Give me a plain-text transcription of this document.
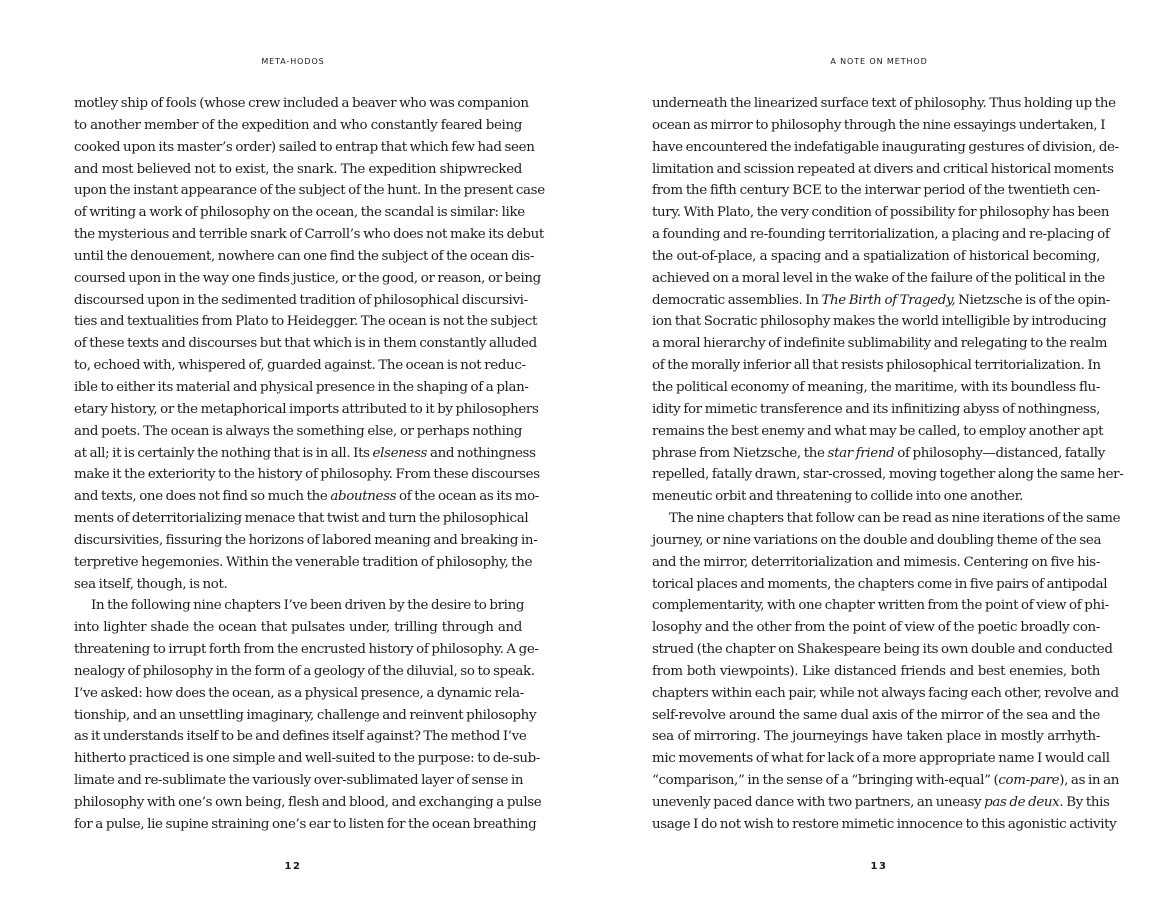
META-HODOS
motley ship of fools (whose crew included a beaver who was companion
to another member of the expedition and who constantly feared being
cooked upon its master’s order) sailed to entrap that which few had seen
and most believed not to exist, the snark. The expedition shipwrecked
upon the instant appearance of the subject of the hunt. In the present case
of writing a work of philosophy on the ocean, the scandal is similar: like
the mysterious and terrible snark of Carroll’s who does not make its debut
until the denouement, nowhere can one find the subject of the ocean dis-
coursed upon in the way one finds justice, or the good, or reason, or being
discoursed upon in the sedimented tradition of philosophical discursivi-
ties and textualities from Plato to Heidegger. The ocean is not the subject
of these texts and discourses but that which is in them constantly alluded
to, echoed with, whispered of, guarded against. The ocean is not reduc-
ible to either its material and physical presence in the shaping of a plan-
etary history, or the metaphorical imports attributed to it by philosophers
and poets. The ocean is always the something else, or perhaps nothing
at all; it is certainly the nothing that is in all. Its elseness and nothingness
make it the exteriority to the history of philosophy. From these discourses
and texts, one does not find so much the aboutness of the ocean as its mo-
ments of deterritorializing menace that twist and turn the philosophical
discursivities, fissuring the horizons of labored meaning and breaking in-
terpretive hegemonies. Within the venerable tradition of philosophy, the
sea itself, though, is not.
In the following nine chapters I’ve been driven by the desire to bring
into lighter shade the ocean that pulsates under, trilling through and
threatening to irrupt forth from the encrusted history of philosophy. A ge-
nealogy of philosophy in the form of a geology of the diluvial, so to speak.
I’ve asked: how does the ocean, as a physical presence, a dynamic rela-
tionship, and an unsettling imaginary, challenge and reinvent philosophy
as it understands itself to be and defines itself against? The method I’ve
hitherto practiced is one simple and well-suited to the purpose: to de-sub-
limate and re-sublimate the variously over-sublimated layer of sense in
philosophy with one’s own being, flesh and blood, and exchanging a pulse
for a pulse, lie supine straining one’s ear to listen for the ocean breathing
12
A NOTE ON METHOD
underneath the linearized surface text of philosophy. Thus holding up the
ocean as mirror to philosophy through the nine essayings undertaken, I
have encountered the indefatigable inaugurating gestures of division, de-
limitation and scission repeated at divers and critical historical moments
from the fifth century BCE to the interwar period of the twentieth cen-
tury. With Plato, the very condition of possibility for philosophy has been
a founding and re-founding territorialization, a placing and re-placing of
the out-of-place, a spacing and a spatialization of historical becoming,
achieved on a moral level in the wake of the failure of the political in the
democratic assemblies. In The Birth of Tragedy, Nietzsche is of the opin-
ion that Socratic philosophy makes the world intelligible by introducing
a moral hierarchy of indefinite sublimability and relegating to the realm
of the morally inferior all that resists philosophical territorialization. In
the political economy of meaning, the maritime, with its boundless flu-
idity for mimetic transference and its infinitizing abyss of nothingness,
remains the best enemy and what may be called, to employ another apt
phrase from Nietzsche, the star friend of philosophy—distanced, fatally
repelled, fatally drawn, star-crossed, moving together along the same her-
meneutic orbit and threatening to collide into one another.
The nine chapters that follow can be read as nine iterations of the same
journey, or nine variations on the double and doubling theme of the sea
and the mirror, deterritorialization and mimesis. Centering on five his-
torical places and moments, the chapters come in five pairs of antipodal
complementarity, with one chapter written from the point of view of phi-
losophy and the other from the point of view of the poetic broadly con-
strued (the chapter on Shakespeare being its own double and conducted
from both viewpoints). Like distanced friends and best enemies, both
chapters within each pair, while not always facing each other, revolve and
self-revolve around the same dual axis of the mirror of the sea and the
sea of mirroring. The journeyings have taken place in mostly arrhyth-
mic movements of what for lack of a more appropriate name I would call
“comparison,” in the sense of a “bringing with-equal” (com-pare), as in an
unevenly paced dance with two partners, an uneasy pas de deux. By this
usage I do not wish to restore mimetic innocence to this agonistic activity
13
